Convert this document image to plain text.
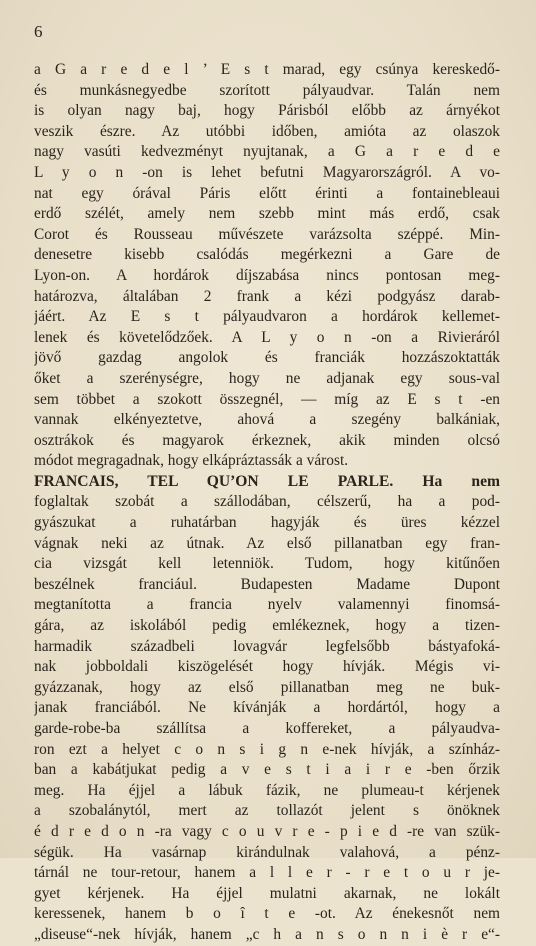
6
a G a r e d e l ’ E s t marad, egy csúnya kereskedő-
és munkásnegyedbe szorított pályaudvar. Talán nem
is olyan nagy baj, hogy Párisból előbb az árnyékot
veszik észre. Az utóbbi időben, amióta az olaszok
nagy vasúti kedvezményt nyujtanak, a G a r e d e
L y o n -on is lehet befutni Magyarországról. A vo-
nat egy órával Páris előtt érinti a fontainebleaui
erdő szélét, amely nem szebb mint más erdő, csak
Corot és Rousseau művészete varázsolta széppé. Min-
denesetre kisebb csalódás megérkezni a Gare de
Lyon-on. A hordárok díjszabása nincs pontosan meg-
határozva, általában 2 frank a kézi podgyász darab-
jáért. Az E s t pályaudvaron a hordárok kellemet-
lenek és követelődzőek. A L y o n -on a Rivieráról
jövő gazdag angolok és franciák hozzászoktatták
őket a szerénységre, hogy ne adjanak egy sous-val
sem többet a szokott összegnél, — míg az E s t -en
vannak elkényeztetve, ahová a szegény balkániak,
osztrákok és magyarok érkeznek, akik minden olcsó
módot megragadnak, hogy elkápráztassák a várost.
FRANCAIS, TEL QU’ON LE PARLE. Ha nem
foglaltak szobát a szállodában, célszerű, ha a pod-
gyászukat a ruhatárban hagyják és üres kézzel
vágnak neki az útnak. Az első pillanatban egy fran-
cia vizsgát kell letenniök. Tudom, hogy kitűnően
beszélnek franciául. Budapesten Madame Dupont
megtanította a francia nyelv valamennyi finomsá-
gára, az iskolából pedig emlékeznek, hogy a tizen-
harmadik századbeli lovagvár legfelsőbb bástyafoká-
nak jobboldali kiszögelését hogy hívják. Mégis vi-
gyázzanak, hogy az első pillanatban meg ne buk-
janak franciából. Ne kívánják a hordártól, hogy a
garde-robe-ba szállítsa a koffereket, a pályaudva-
ron ezt a helyet c o n s i g n e-nek hívják, a színház-
ban a kabátjukat pedig a v e s t i a i r e -ben őrzik
meg. Ha éjjel a lábuk fázik, ne plumeau-t kérjenek
a szobalánytól, mert az tollazót jelent s önöknek
é d r e d o n -ra vagy c o u v r e - p i e d -re van szük-
ségük. Ha vasárnap kirándulnak valahová, a pénz-
tárnál ne tour-retour, hanem a l l e r - r e t o u r je-
gyet kérjenek. Ha éjjel mulatni akarnak, ne lokált
keressenek, hanem b o î t e -ot. Az énekesnőt nem
„diseuse“-nek hívják, hanem „c h a n s o n n i è r e“-
